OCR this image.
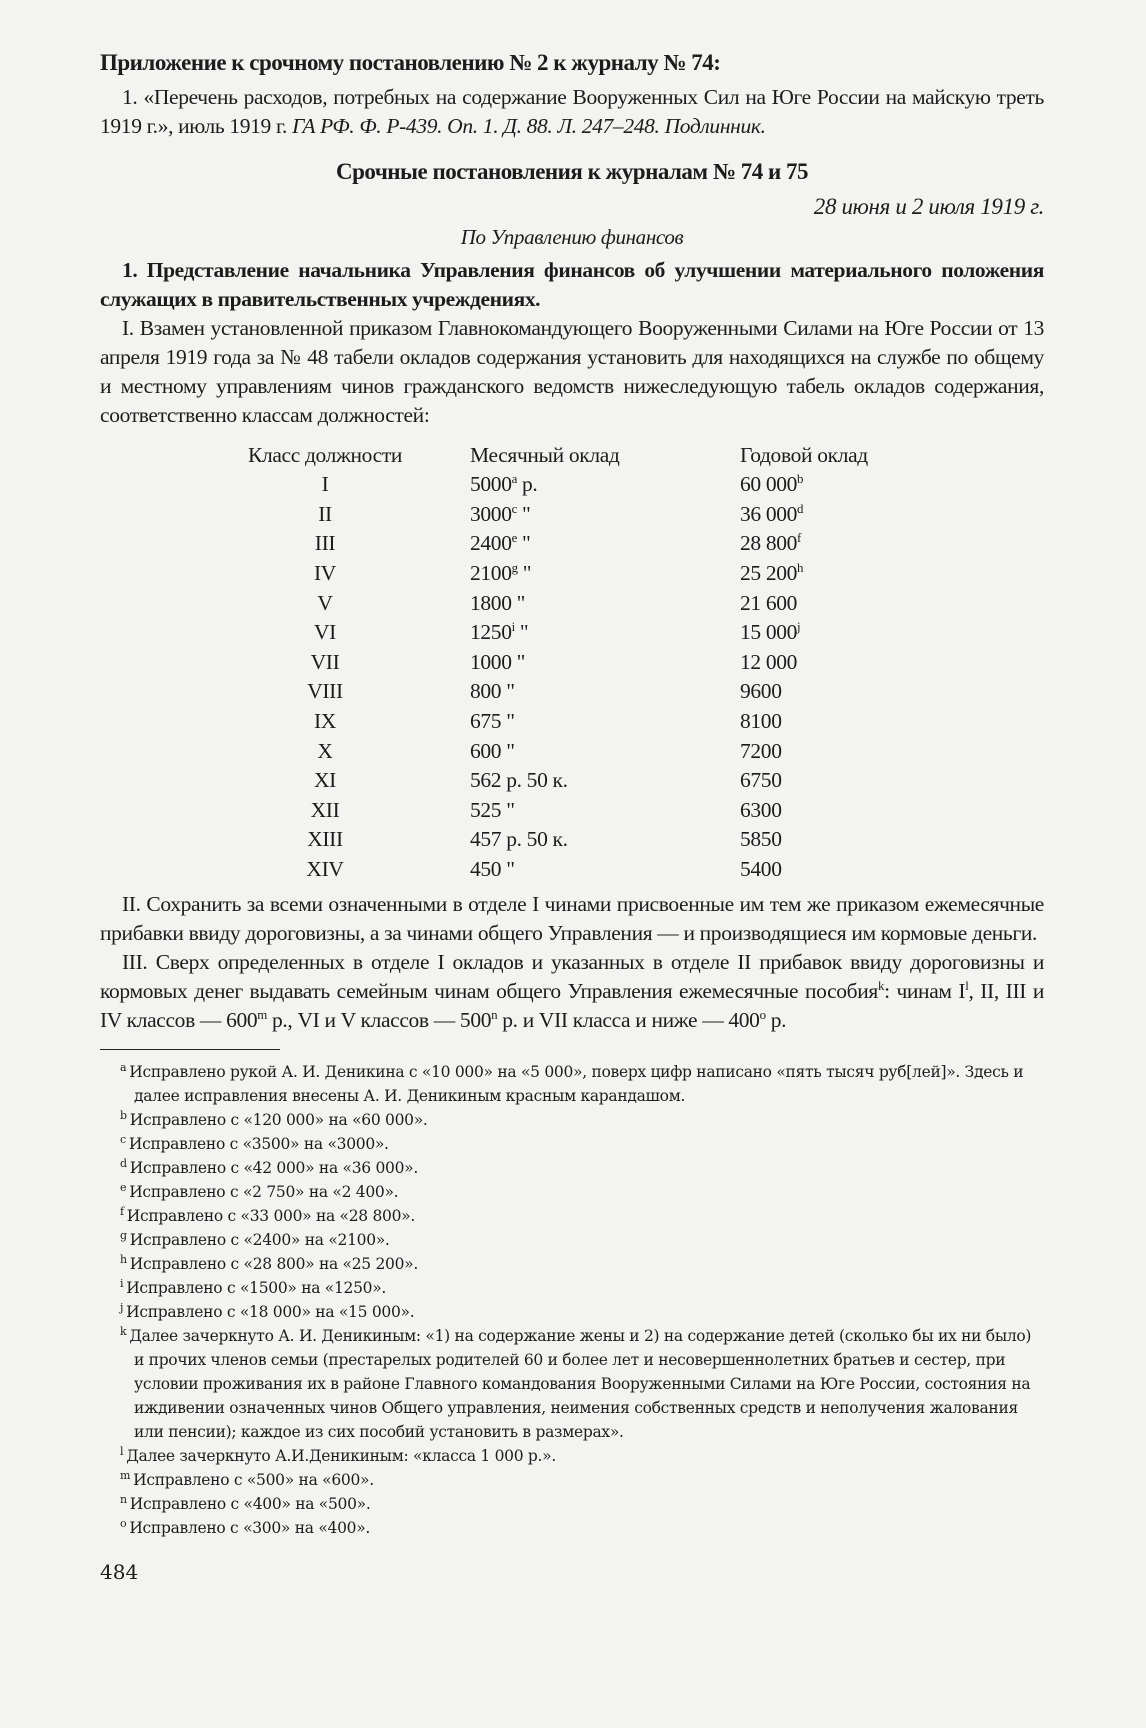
Приложение к срочному постановлению № 2 к журналу № 74:

1. «Перечень расходов, потребных на содержание Вооруженных Сил на Юге России на майскую треть 1919 г.», июль 1919 г. ГА РФ. Ф. Р-439. Оп. 1. Д. 88. Л. 247–248. Подлинник.

Срочные постановления к журналам № 74 и 75
28 июня и 2 июля 1919 г.
По Управлению финансов

1. Представление начальника Управления финансов об улучшении материального положения служащих в правительственных учреждениях.

I. Взамен установленной приказом Главнокомандующего Вооруженными Силами на Юге России от 13 апреля 1919 года за № 48 табели окладов содержания установить для находящихся на службе по общему и местному управлениям чинов гражданского ведомств нижеследующую табель окладов содержания, соответственно классам должностей:

Класс должности	Месячный оклад	Годовой оклад
I	5000$^a$ р.	60 000$^b$
II	3000$^c$ "	36 000$^d$
III	2400e "	28 800$^f$
IV	2100$^g$ "	25 200$^h$
V	1800 "	21 600
VI	1250$^i$ "	15 000$^j$
VII	1000 "	12 000
VIII	800 "	9600
IX	675 "	8100
X	600 "	7200
XI	562 р. 50 к.	6750
XII	525 "	6300
XIII	457 р. 50 к.	5850
XIV	450 "	5400

II. Сохранить за всеми означенными в отделе I чинами присвоенные им тем же приказом ежемесячные прибавки ввиду дороговизны, а за чинами общего Управления — и производящиеся им кормовые деньги.

III. Сверх определенных в отделе I окладов и указанных в отделе II прибавок ввиду дороговизны и кормовых денег выдавать семейным чинам общего Управления ежемесячные пособия$^k$: чинам $I^l$, II, III и IV классов — 600$^m$ р., VI и V классов — 500$^n$ р. и VII класса и ниже — 400$^o$ р.

$^a$ Исправлено рукой А. И. Деникина с «10 000» на «5 000», поверх цифр написано «пять тысяч руб[лей]». Здесь и далее исправления внесены А. И. Деникиным красным карандашом.

$^b$ Исправлено с «120 000» на «60 000».

$^c$ Исправлено с «3500» на «3000».

$^d$ Исправлено с «42 000» на «36 000».

$^e$ Исправлено с «2 750» на «2 400».

$^f$ Исправлено с «33 000» на «28 800».

$^g$ Исправлено с «2400» на «2100».

$^h$ Исправлено с «28 800» на «25 200».

$^i$ Исправлено с «1500» на «1250».

$^j$ Исправлено с «18 000» на «15 000».

$^k$ Далее зачеркнуто А. И. Деникиным: «1) на содержание жены и 2) на содержание детей (сколько бы их ни было) и прочих членов семьи (престарелых родителей 60 и более лет и несовершеннолетних братьев и сестер, при условии проживания их в районе Главного командования Вооруженными Силами на Юге России, состояния на иждивении означенных чинов Общего управления, неимения собственных средств и неполучения жалования или пенсии); каждое из сих пособий установить в размерах».

$^l$ Далее зачеркнуто А.И.Деникиным: «класса 1 000 р.».

$^m$ Исправлено с «500» на «600».

$^n$ Исправлено с «400» на «500».

$^o$ Исправлено с «300» на «400».

484
